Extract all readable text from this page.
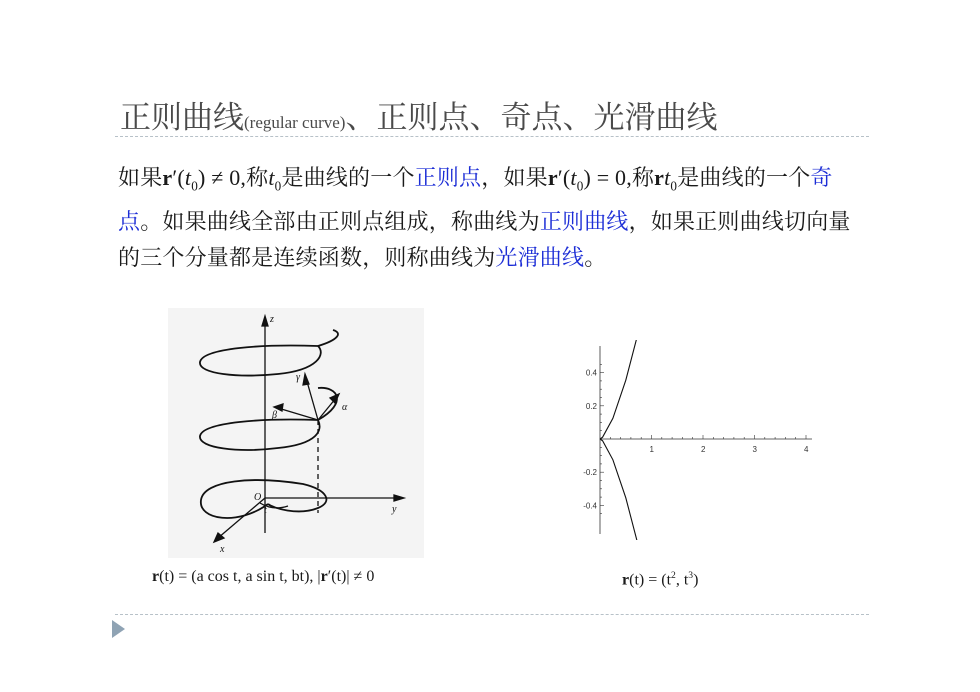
正则曲线(regular curve)、正则点、奇点、光滑曲线
如果$r'(t_0) \ne 0$,称$t_0$是曲线的一个正则点，如果$r'(t_0) = 0$,称$rt_0$是曲线的一个奇点。如果曲线全部由正则点组成，称曲线为正则曲线，如果正则曲线切向量的三个分量都是连续函数，则称曲线为光滑曲线。
z
x
y
O
t
γ
α
β
1	2	3	4
0.4
0.2
-0.2
-0.4
r(t) = (a cos t, a sin t, bt), |r′(t)| ≠ 0	$r(t) = (t^2$, $t^3$)
